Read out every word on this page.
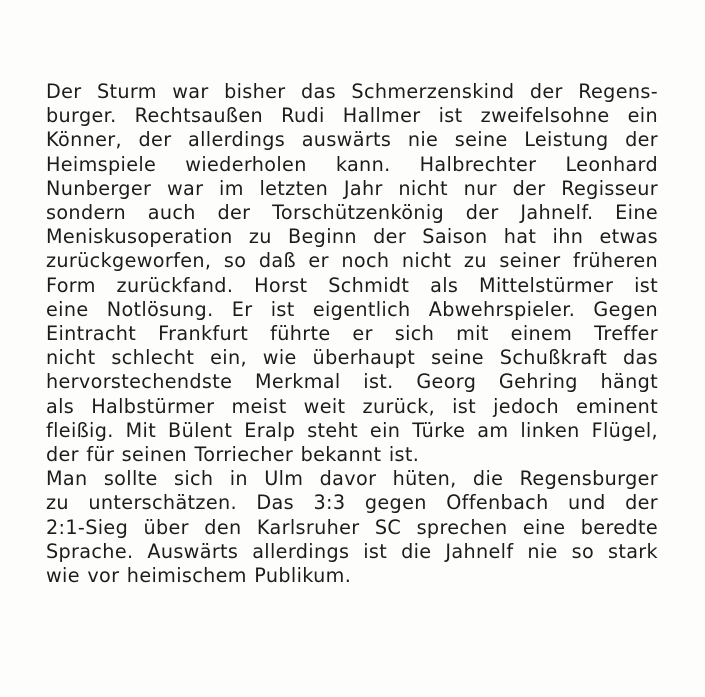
Der Sturm war bisher das Schmerzenskind der Regens-
burger. Rechtsaußen Rudi Hallmer ist zweifelsohne ein
Könner, der allerdings auswärts nie seine Leistung der
Heimspiele wiederholen kann. Halbrechter Leonhard
Nunberger war im letzten Jahr nicht nur der Regisseur
sondern auch der Torschützenkönig der Jahnelf. Eine
Meniskusoperation zu Beginn der Saison hat ihn etwas
zurückgeworfen, so daß er noch nicht zu seiner früheren
Form zurückfand. Horst Schmidt als Mittelstürmer ist
eine Notlösung. Er ist eigentlich Abwehrspieler. Gegen
Eintracht Frankfurt führte er sich mit einem Treffer
nicht schlecht ein, wie überhaupt seine Schußkraft das
hervorstechendste Merkmal ist. Georg Gehring hängt
als Halbstürmer meist weit zurück, ist jedoch eminent
fleißig. Mit Bülent Eralp steht ein Türke am linken Flügel,
der für seinen Torriecher bekannt ist.
Man sollte sich in Ulm davor hüten, die Regensburger
zu unterschätzen. Das 3:3 gegen Offenbach und der
2:1-Sieg über den Karlsruher SC sprechen eine beredte
Sprache. Auswärts allerdings ist die Jahnelf nie so stark
wie vor heimischem Publikum.
